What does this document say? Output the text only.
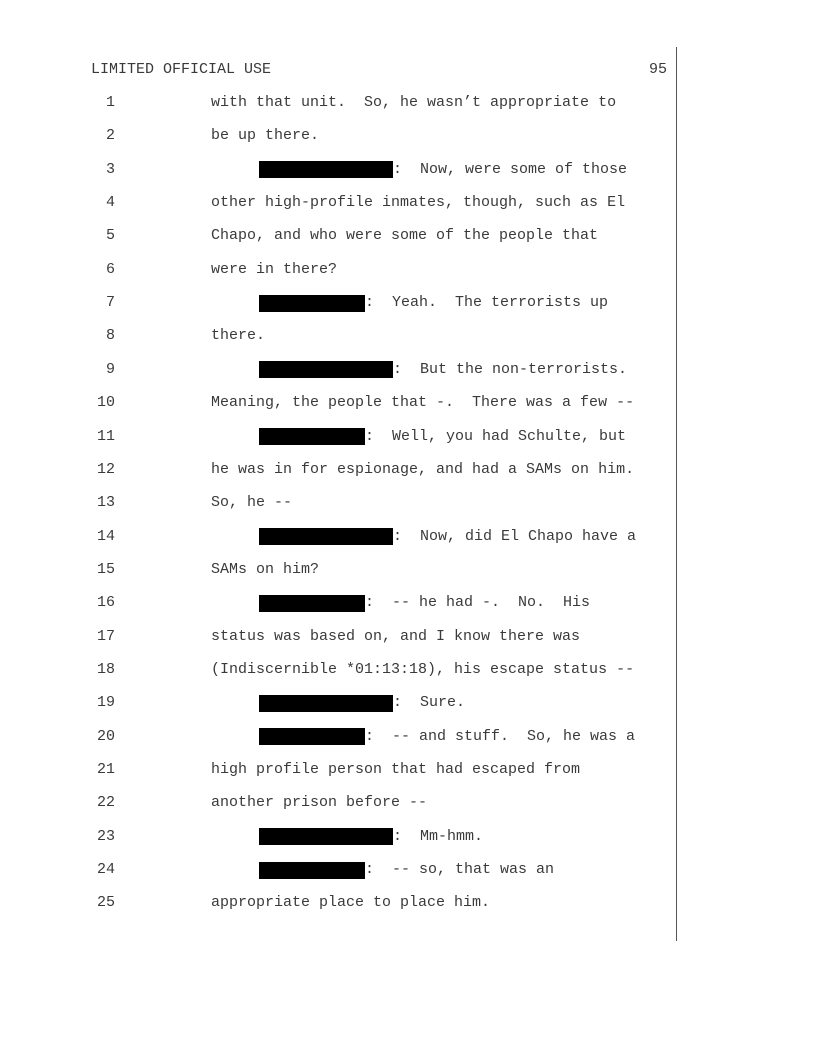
LIMITED OFFICIAL USE	95
1	with that unit.  So, he wasn’t appropriate to
2	be up there.
3	:  Now, were some of those
4	other high-profile inmates, though, such as El
5	Chapo, and who were some of the people that
6	were in there?
7	:  Yeah.  The terrorists up
8	there.
9	:  But the non-terrorists.
10	Meaning, the people that -.  There was a few --
11	:  Well, you had Schulte, but
12	he was in for espionage, and had a SAMs on him.
13	So, he --
14	:  Now, did El Chapo have a
15	SAMs on him?
16	:  -- he had -.  No.  His
17	status was based on, and I know there was
18	(Indiscernible *01:13:18), his escape status --
19	:  Sure.
20	:  -- and stuff.  So, he was a
21	high profile person that had escaped from
22	another prison before --
23	:  Mm-hmm.
24	:  -- so, that was an
25	appropriate place to place him.
